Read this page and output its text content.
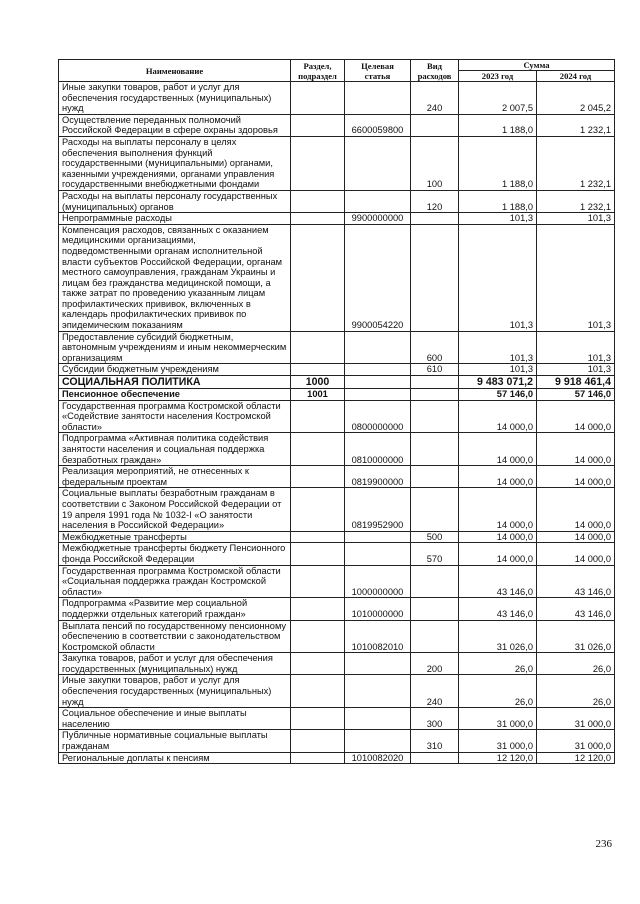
Наименование	Раздел, подраздел	Целевая статья	Вид расходов	Сумма	
				2023 год	2024 год
Иные закупки товаров, работ и услуг для обеспечения государственных (муниципальных) нужд			240	2 007,5	2 045,2
Осуществление переданных полномочий Российской Федерации в сфере охраны здоровья		6600059800		1 188,0	1 232,1
Расходы на выплаты персоналу в целях обеспечения выполнения функций государственными (муниципальными) органами, казенными учреждениями, органами управления государственными внебюджетными фондами			100	1 188,0	1 232,1
Расходы на выплаты персоналу государственных (муниципальных) органов			120	1 188,0	1 232,1
Непрограммные расходы		9900000000		101,3	101,3
Компенсация расходов, связанных с оказанием медицинскими организациями, подведомственными органам исполнительной власти субъектов Российской Федерации, органам местного самоуправления, гражданам Украины и лицам без гражданства медицинской помощи, а также затрат по проведению указанным лицам профилактических прививок, включенных в календарь профилактических прививок по эпидемическим показаниям		9900054220		101,3	101,3
Предоставление субсидий бюджетным, автономным учреждениям и иным некоммерческим организациям			600	101,3	101,3
Субсидии бюджетным учреждениям			610	101,3	101,3
СОЦИАЛЬНАЯ ПОЛИТИКА	1000			9 483 071,2	9 918 461,4
Пенсионное обеспечение	1001			57 146,0	57 146,0
Государственная программа Костромской области «Содействие занятости населения Костромской области»		0800000000		14 000,0	14 000,0
Подпрограмма «Активная политика содействия занятости населения и социальная поддержка безработных граждан»		0810000000		14 000,0	14 000,0
Реализация мероприятий, не отнесенных к федеральным проектам		0819900000		14 000,0	14 000,0
Социальные выплаты безработным гражданам в соответствии с Законом Российской Федерации от 19 апреля 1991 года № 1032-I «О занятости населения в Российской Федерации»		0819952900		14 000,0	14 000,0
Межбюджетные трансферты			500	14 000,0	14 000,0
Межбюджетные трансферты бюджету Пенсионного фонда Российской Федерации			570	14 000,0	14 000,0
Государственная программа Костромской области «Социальная поддержка граждан Костромской области»		1000000000		43 146,0	43 146,0
Подпрограмма «Развитие мер социальной поддержки отдельных категорий граждан»		1010000000		43 146,0	43 146,0
Выплата пенсий по государственному пенсионному обеспечению в соответствии с законодательством Костромской области		1010082010		31 026,0	31 026,0
Закупка товаров, работ и услуг для обеспечения государственных (муниципальных) нужд			200	26,0	26,0
Иные закупки товаров, работ и услуг для обеспечения государственных (муниципальных) нужд			240	26,0	26,0
Социальное обеспечение и иные выплаты населению			300	31 000,0	31 000,0
Публичные нормативные социальные выплаты гражданам			310	31 000,0	31 000,0
Региональные доплаты к пенсиям		1010082020		12 120,0	12 120,0
236
